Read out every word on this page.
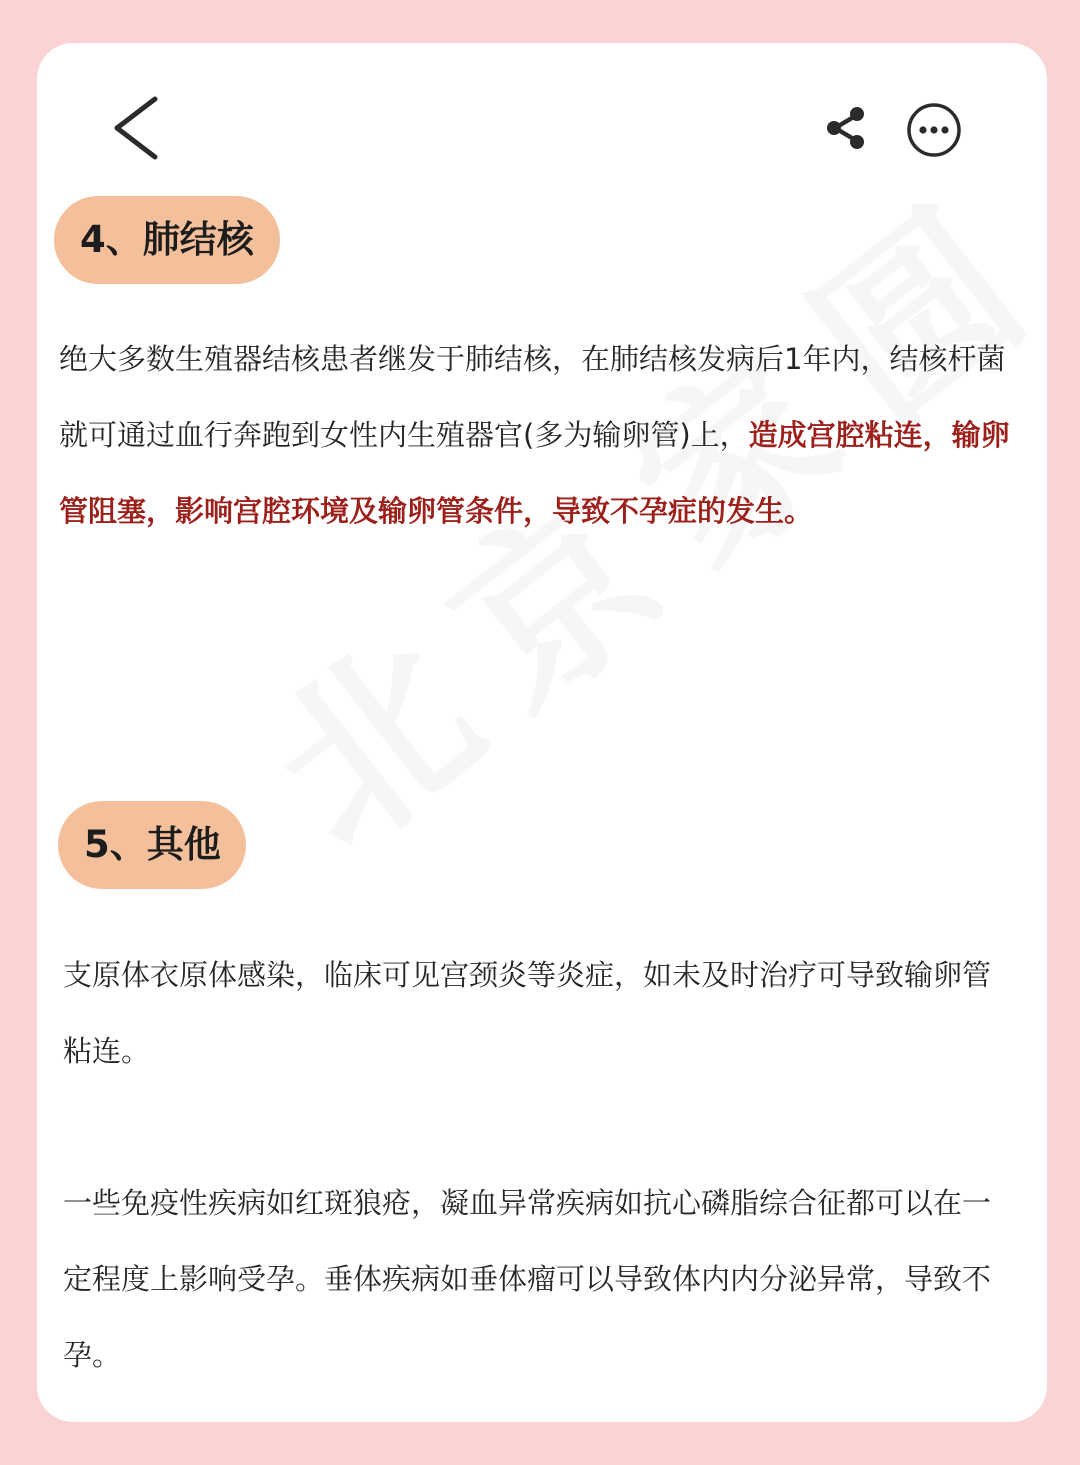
4、肺结核

绝大多数生殖器结核患者继发于肺结核，在肺结核发病后1年内，结核杆菌就可通过血行奔跑到女性内生殖器官(多为输卵管)上，造成宫腔粘连，输卵管阻塞，影响宫腔环境及输卵管条件，导致不孕症的发生。

5、其他

支原体衣原体感染，临床可见宫颈炎等炎症，如未及时治疗可导致输卵管粘连。

一些免疫性疾病如红斑狼疮，凝血异常疾病如抗心磷脂综合征都可以在一定程度上影响受孕。垂体疾病如垂体瘤可以导致体内内分泌异常，导致不孕。
